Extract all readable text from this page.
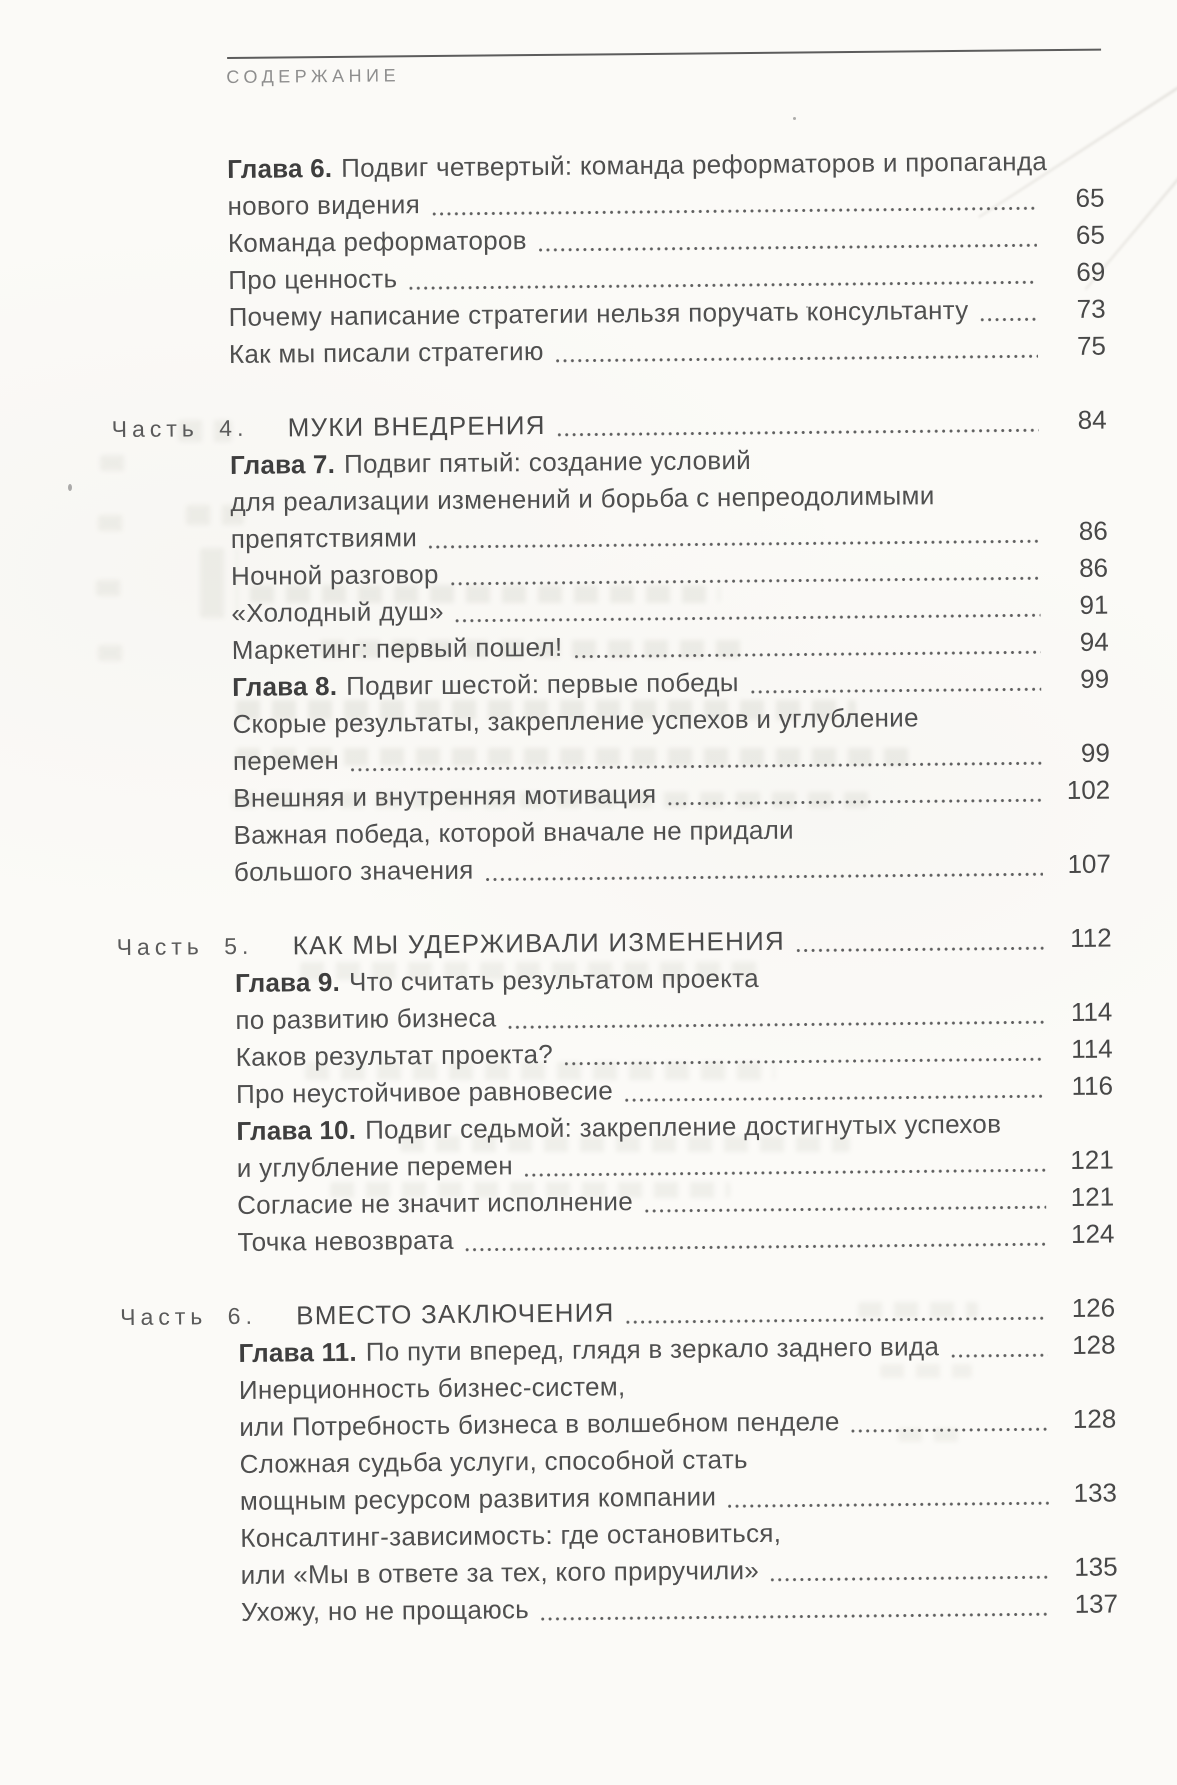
СОДЕРЖАНИЕ
Глава 6. Подвиг четвертый: команда реформаторов и пропаганда
нового видения	65
Команда реформаторов	65
Про ценность	69
Почему написание стратегии нельзя поручать консультанту	73
Как мы писали стратегию	75
Часть 4. МУКИ ВНЕДРЕНИЯ	84
Глава 7. Подвиг пятый: создание условий
для реализации изменений и борьба с непреодолимыми
препятствиями	86
Ночной разговор	86
«Холодный душ»	91
Маркетинг: первый пошел!	94
Глава 8. Подвиг шестой: первые победы	99
Скорые результаты, закрепление успехов и углубление
перемен	99
Внешняя и внутренняя мотивация	102
Важная победа, которой вначале не придали
большого значения	107
Часть 5. КАК МЫ УДЕРЖИВАЛИ ИЗМЕНЕНИЯ	112
Глава 9. Что считать результатом проекта
по развитию бизнеса	114
Каков результат проекта?	114
Про неустойчивое равновесие	116
Глава 10. Подвиг седьмой: закрепление достигнутых успехов
и углубление перемен	121
Согласие не значит исполнение	121
Точка невозврата	124
Часть 6. ВМЕСТО ЗАКЛЮЧЕНИЯ	126
Глава 11. По пути вперед, глядя в зеркало заднего вида	128
Инерционность бизнес-систем,
или Потребность бизнеса в волшебном пенделе	128
Сложная судьба услуги, способной стать
мощным ресурсом развития компании	133
Консалтинг-зависимость: где остановиться,
или «Мы в ответе за тех, кого приручили»	135
Ухожу, но не прощаюсь	137
